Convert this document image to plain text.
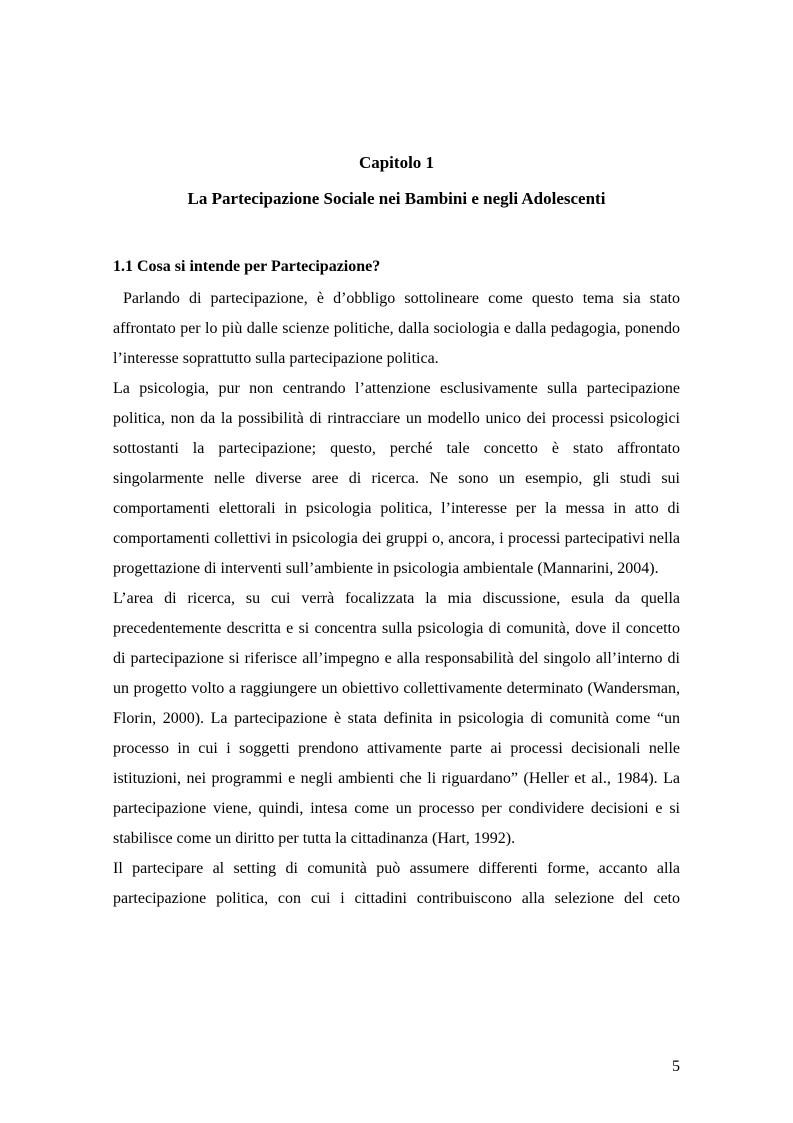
Capitolo 1
La Partecipazione Sociale nei Bambini e negli Adolescenti
1.1 Cosa si intende per Partecipazione?

Parlando di partecipazione, è d’obbligo sottolineare come questo tema sia stato affrontato per lo più dalle scienze politiche, dalla sociologia e dalla pedagogia, ponendo l’interesse soprattutto sulla partecipazione politica.

La psicologia, pur non centrando l’attenzione esclusivamente sulla partecipazione politica, non da la possibilità di rintracciare un modello unico dei processi psicologici sottostanti la partecipazione; questo, perché tale concetto è stato affrontato singolarmente nelle diverse aree di ricerca. Ne sono un esempio, gli studi sui comportamenti elettorali in psicologia politica, l’interesse per la messa in atto di comportamenti collettivi in psicologia dei gruppi o, ancora, i processi partecipativi nella progettazione di interventi sull’ambiente in psicologia ambientale (Mannarini, 2004).

L’area di ricerca, su cui verrà focalizzata la mia discussione, esula da quella precedentemente descritta e si concentra sulla psicologia di comunità, dove il concetto di partecipazione si riferisce all’impegno e alla responsabilità del singolo all’interno di un progetto volto a raggiungere un obiettivo collettivamente determinato (Wandersman, Florin, 2000). La partecipazione è stata definita in psicologia di comunità come “un processo in cui i soggetti prendono attivamente parte ai processi decisionali nelle istituzioni, nei programmi e negli ambienti che li riguardano” (Heller et al., 1984). La partecipazione viene, quindi, intesa come un processo per condividere decisioni e si stabilisce come un diritto per tutta la cittadinanza (Hart, 1992).

Il partecipare al setting di comunità può assumere differenti forme, accanto alla partecipazione politica, con cui i cittadini contribuiscono alla selezione del ceto

5
